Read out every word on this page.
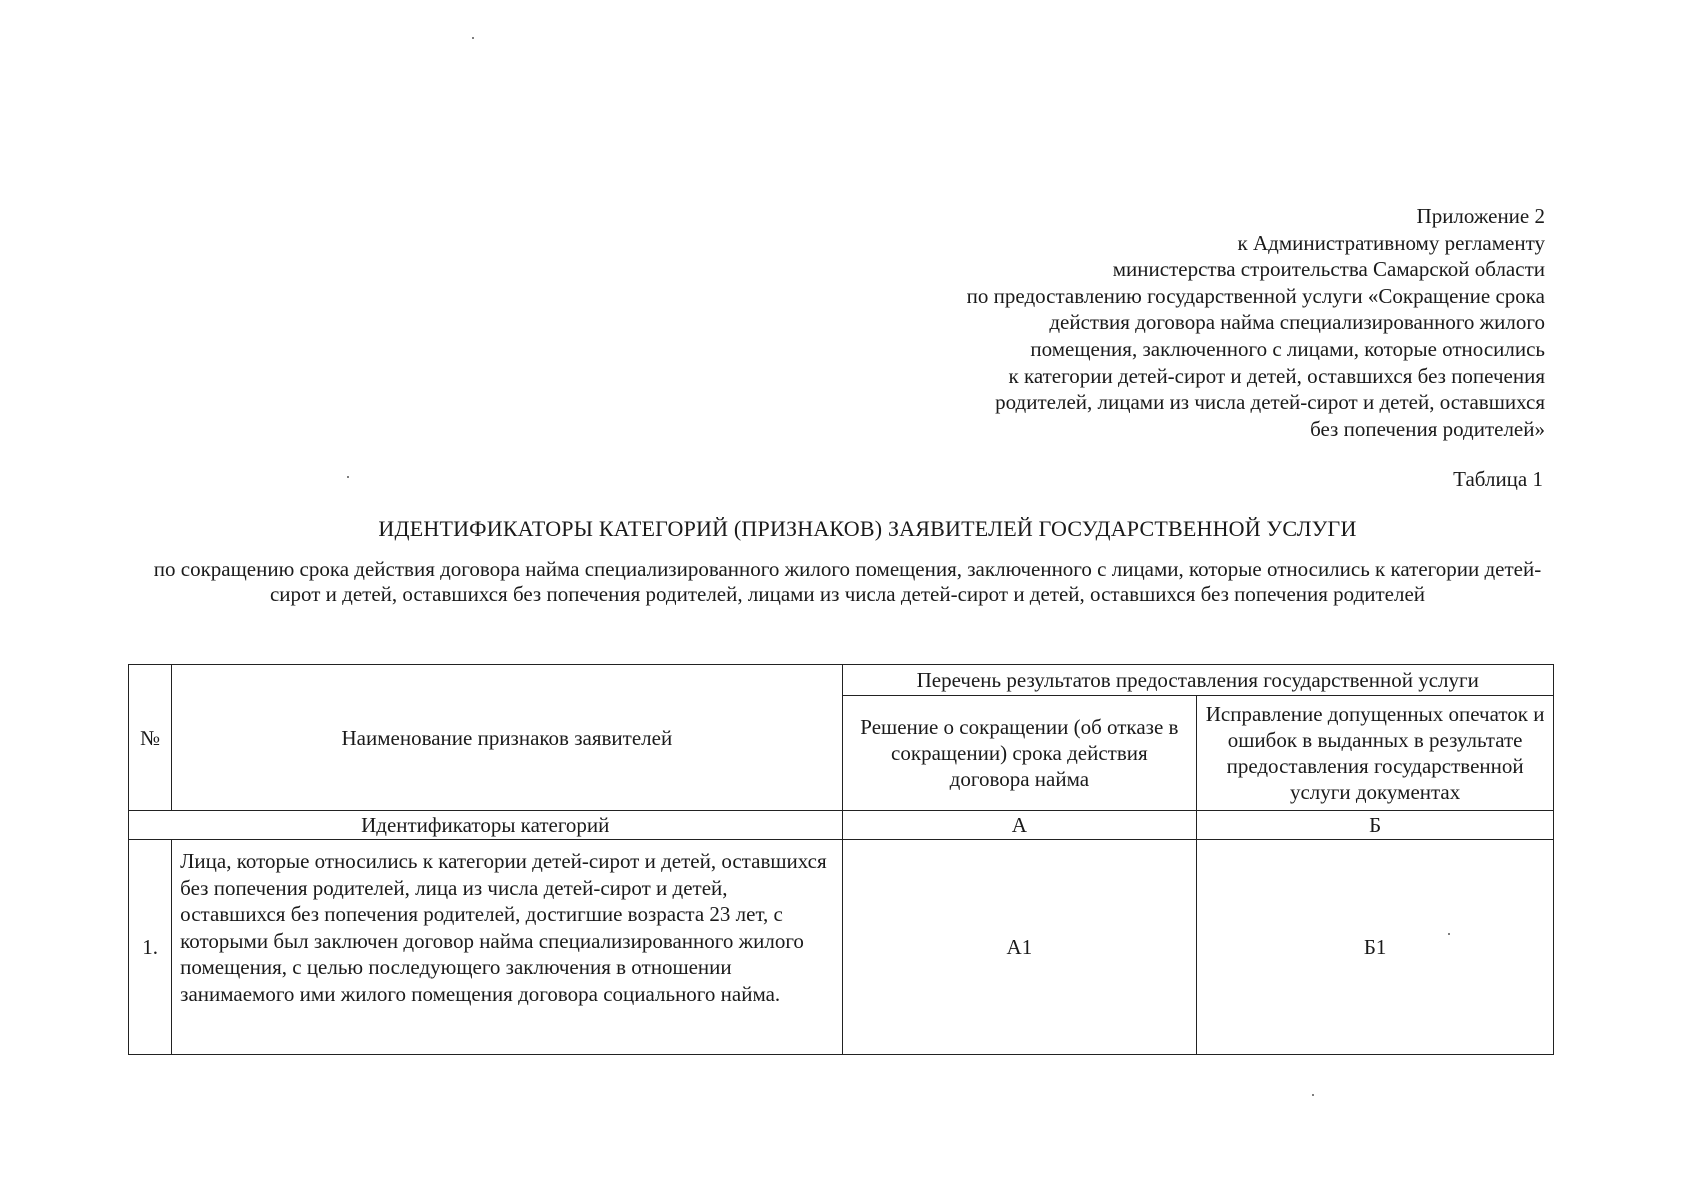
Приложение 2
к Административному регламенту
министерства строительства Самарской области
по предоставлению государственной услуги «Сокращение срока
действия договора найма специализированного жилого
помещения, заключенного с лицами, которые относились
к категории детей-сирот и детей, оставшихся без попечения
родителей, лицами из числа детей-сирот и детей, оставшихся
без попечения родителей»
Таблица 1
ИДЕНТИФИКАТОРЫ КАТЕГОРИЙ (ПРИЗНАКОВ) ЗАЯВИТЕЛЕЙ ГОСУДАРСТВЕННОЙ УСЛУГИ
по сокращению срока действия договора найма специализированного жилого помещения, заключенного с лицами, которые относились к категории детей-сирот и детей, оставшихся без попечения родителей, лицами из числа детей-сирот и детей, оставшихся без попечения родителей
№	Наименование признаков заявителей	Перечень результатов предоставления государственной услуги	
		Решение о сокращении (об отказе в сокращении) срока действия договора найма	Исправление допущенных опечаток и ошибок в выданных в результате предоставления государственной услуги документах
Идентификаторы категорий		А	Б

1.	Лица, которые относились к категории детей-сирот и детей, оставшихся без попечения родителей, лица из числа детей-сирот и детей, оставшихся без попечения родителей, достигшие возраста 23 лет, с которыми был заключен договор найма специализированного жилого помещения, с целью последующего заключения в отношении занимаемого ими жилого помещения договора социального найма.	А1	Б1
